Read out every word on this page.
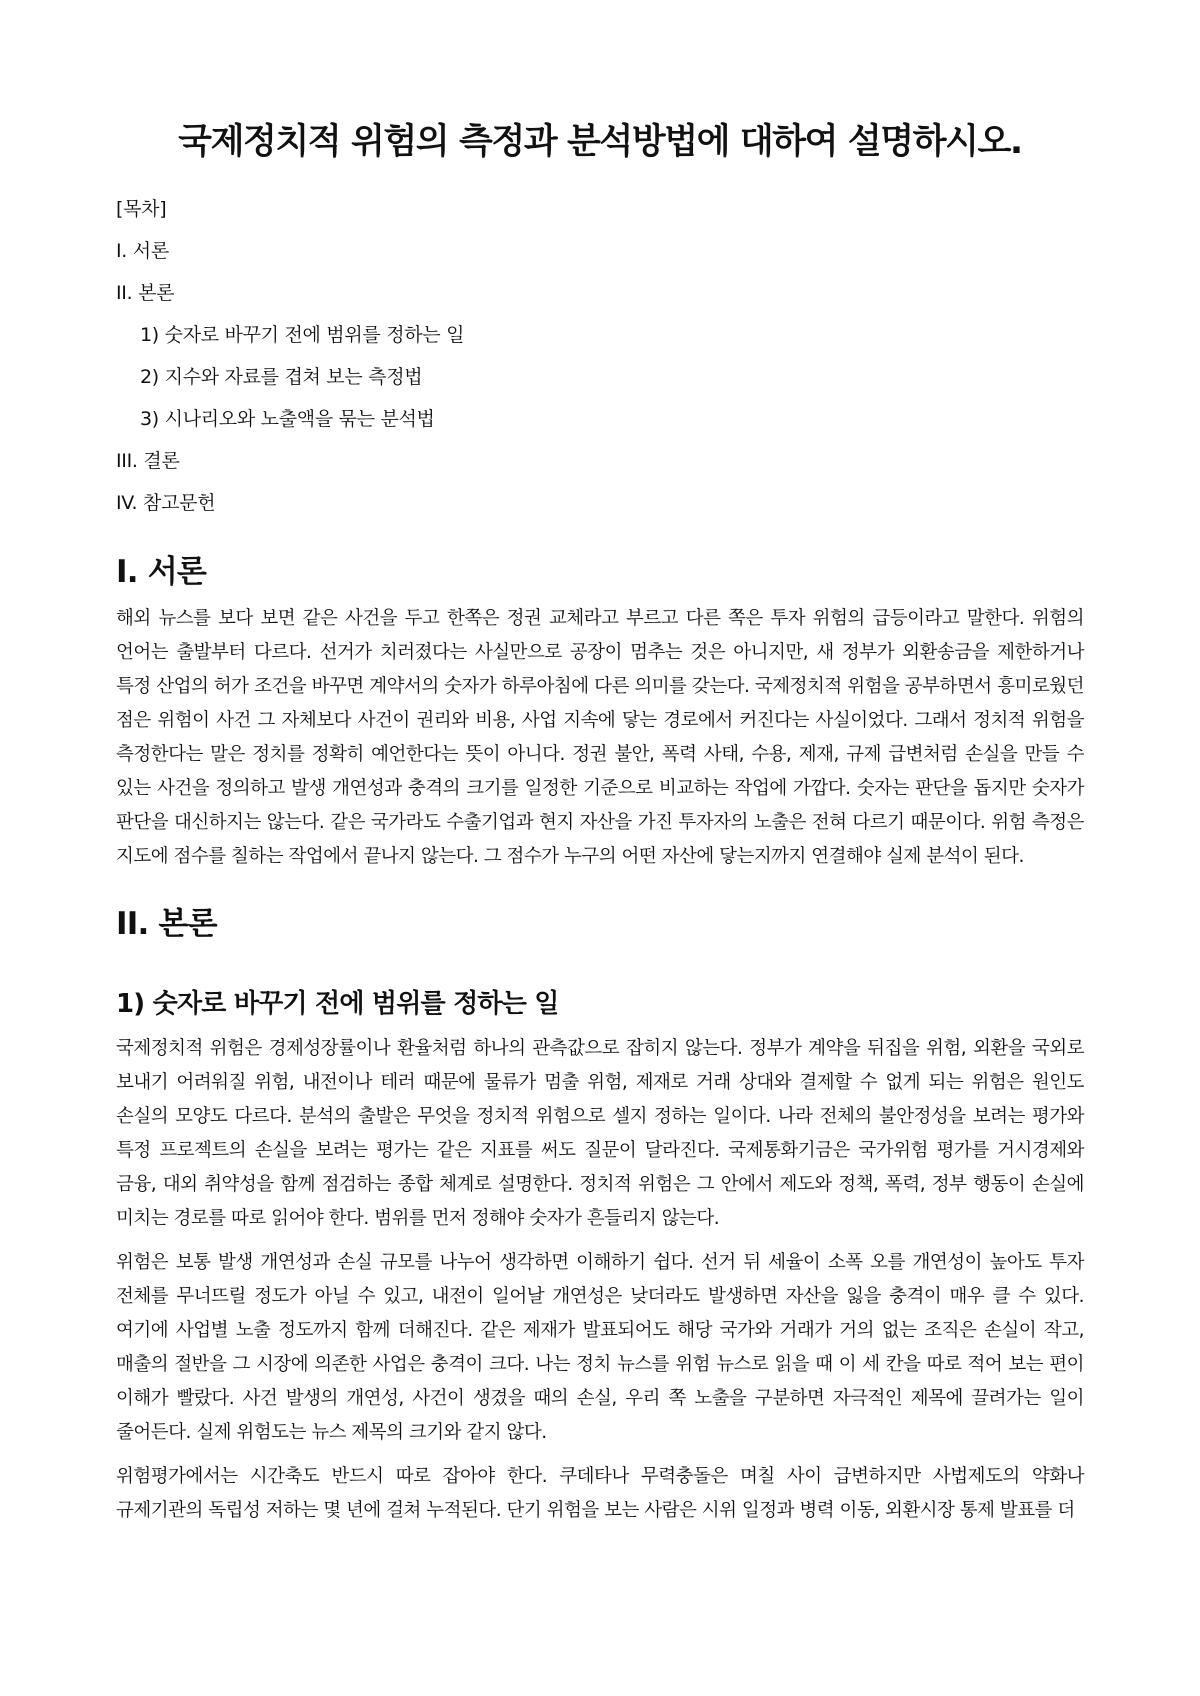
국제정치적 위험의 측정과 분석방법에 대하여 설명하시오.
[목차]
I. 서론
II. 본론
1) 숫자로 바꾸기 전에 범위를 정하는 일
2) 지수와 자료를 겹쳐 보는 측정법
3) 시나리오와 노출액을 묶는 분석법
III. 결론
IV. 참고문헌
I. 서론

해외 뉴스를 보다 보면 같은 사건을 두고 한쪽은 정권 교체라고 부르고 다른 쪽은 투자 위험의 급등이라고 말한다. 위험의 언어는 출발부터 다르다. 선거가 치러졌다는 사실만으로 공장이 멈추는 것은 아니지만, 새 정부가 외환송금을 제한하거나 특정 산업의 허가 조건을 바꾸면 계약서의 숫자가 하루아침에 다른 의미를 갖는다. 국제정치적 위험을 공부하면서 흥미로웠던 점은 위험이 사건 그 자체보다 사건이 권리와 비용, 사업 지속에 닿는 경로에서 커진다는 사실이었다. 그래서 정치적 위험을 측정한다는 말은 정치를 정확히 예언한다는 뜻이 아니다. 정권 불안, 폭력 사태, 수용, 제재, 규제 급변처럼 손실을 만들 수 있는 사건을 정의하고 발생 개연성과 충격의 크기를 일정한 기준으로 비교하는 작업에 가깝다. 숫자는 판단을 돕지만 숫자가 판단을 대신하지는 않는다. 같은 국가라도 수출기업과 현지 자산을 가진 투자자의 노출은 전혀 다르기 때문이다. 위험 측정은 지도에 점수를 칠하는 작업에서 끝나지 않는다. 그 점수가 누구의 어떤 자산에 닿는지까지 연결해야 실제 분석이 된다.

II. 본론
1) 숫자로 바꾸기 전에 범위를 정하는 일

국제정치적 위험은 경제성장률이나 환율처럼 하나의 관측값으로 잡히지 않는다. 정부가 계약을 뒤집을 위험, 외환을 국외로 보내기 어려워질 위험, 내전이나 테러 때문에 물류가 멈출 위험, 제재로 거래 상대와 결제할 수 없게 되는 위험은 원인도 손실의 모양도 다르다. 분석의 출발은 무엇을 정치적 위험으로 셀지 정하는 일이다. 나라 전체의 불안정성을 보려는 평가와 특정 프로젝트의 손실을 보려는 평가는 같은 지표를 써도 질문이 달라진다. 국제통화기금은 국가위험 평가를 거시경제와 금융, 대외 취약성을 함께 점검하는 종합 체계로 설명한다. 정치적 위험은 그 안에서 제도와 정책, 폭력, 정부 행동이 손실에 미치는 경로를 따로 읽어야 한다. 범위를 먼저 정해야 숫자가 흔들리지 않는다.

위험은 보통 발생 개연성과 손실 규모를 나누어 생각하면 이해하기 쉽다. 선거 뒤 세율이 소폭 오를 개연성이 높아도 투자 전체를 무너뜨릴 정도가 아닐 수 있고, 내전이 일어날 개연성은 낮더라도 발생하면 자산을 잃을 충격이 매우 클 수 있다. 여기에 사업별 노출 정도까지 함께 더해진다. 같은 제재가 발표되어도 해당 국가와 거래가 거의 없는 조직은 손실이 작고, 매출의 절반을 그 시장에 의존한 사업은 충격이 크다. 나는 정치 뉴스를 위험 뉴스로 읽을 때 이 세 칸을 따로 적어 보는 편이 이해가 빨랐다. 사건 발생의 개연성, 사건이 생겼을 때의 손실, 우리 쪽 노출을 구분하면 자극적인 제목에 끌려가는 일이 줄어든다. 실제 위험도는 뉴스 제목의 크기와 같지 않다.

위험평가에서는 시간축도 반드시 따로 잡아야 한다. 쿠데타나 무력충돌은 며칠 사이 급변하지만 사법제도의 약화나 규제기관의 독립성 저하는 몇 년에 걸쳐 누적된다. 단기 위험을 보는 사람은 시위 일정과 병력 이동, 외환시장 통제 발표를 더
